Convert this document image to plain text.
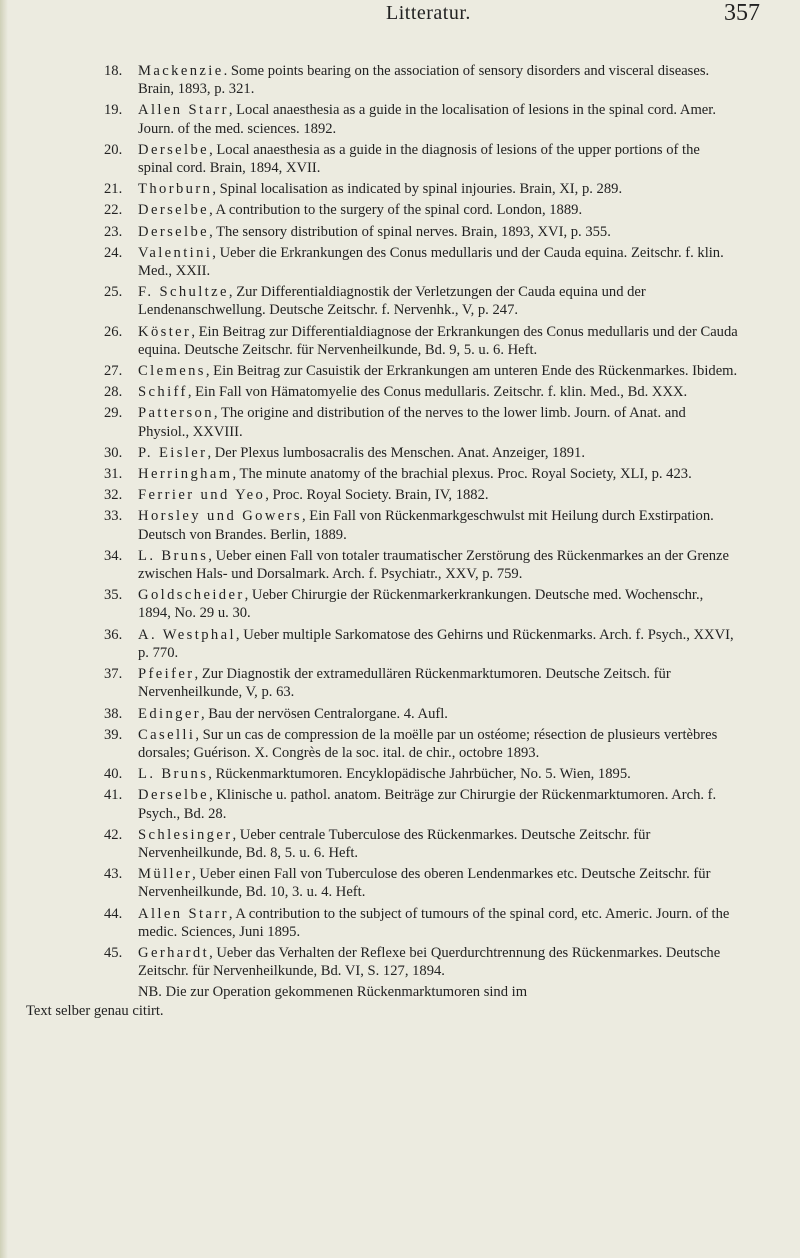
Litteratur.	357
18. Mackenzie. Some points bearing on the association of sensory disorders and visceral diseases. Brain, 1893, p. 321.
19. Allen Starr, Local anaesthesia as a guide in the localisation of lesions in the spinal cord. Amer. Journ. of the med. sciences. 1892.
20. Derselbe, Local anaesthesia as a guide in the diagnosis of lesions of the upper portions of the spinal cord. Brain, 1894, XVII.
21. Thorburn, Spinal localisation as indicated by spinal injouries. Brain, XI, p. 289.
22. Derselbe, A contribution to the surgery of the spinal cord. London, 1889.
23. Derselbe, The sensory distribution of spinal nerves. Brain, 1893, XVI, p. 355.
24. Valentini, Ueber die Erkrankungen des Conus medullaris und der Cauda equina. Zeitschr. f. klin. Med., XXII.
25. F. Schultze, Zur Differentialdiagnostik der Verletzungen der Cauda equina und der Lendenanschwellung. Deutsche Zeitschr. f. Nervenhk., V, p. 247.
26. Köster, Ein Beitrag zur Differentialdiagnose der Erkrankungen des Conus medullaris und der Cauda equina. Deutsche Zeitschr. für Nervenheilkunde, Bd. 9, 5. u. 6. Heft.
27. Clemens, Ein Beitrag zur Casuistik der Erkrankungen am unteren Ende des Rückenmarkes. Ibidem.
28. Schiff, Ein Fall von Hämatomyelie des Conus medullaris. Zeitschr. f. klin. Med., Bd. XXX.
29. Patterson, The origine and distribution of the nerves to the lower limb. Journ. of Anat. and Physiol., XXVIII.
30. P. Eisler, Der Plexus lumbosacralis des Menschen. Anat. Anzeiger, 1891.
31. Herringham, The minute anatomy of the brachial plexus. Proc. Royal Society, XLI, p. 423.
32. Ferrier und Yeo, Proc. Royal Society. Brain, IV, 1882.
33. Horsley und Gowers, Ein Fall von Rückenmarkgeschwulst mit Heilung durch Exstirpation. Deutsch von Brandes. Berlin, 1889.
34. L. Bruns, Ueber einen Fall von totaler traumatischer Zerstörung des Rückenmarkes an der Grenze zwischen Hals- und Dorsalmark. Arch. f. Psychiatr., XXV, p. 759.
35. Goldscheider, Ueber Chirurgie der Rückenmarkerkrankungen. Deutsche med. Wochenschr., 1894, No. 29 u. 30.
36. A. Westphal, Ueber multiple Sarkomatose des Gehirns und Rückenmarks. Arch. f. Psych., XXVI, p. 770.
37. Pfeifer, Zur Diagnostik der extramedullären Rückenmarktumoren. Deutsche Zeitsch. für Nervenheilkunde, V, p. 63.
38. Edinger, Bau der nervösen Centralorgane. 4. Aufl.
39. Caselli, Sur un cas de compression de la moëlle par un ostéome; résection de plusieurs vertèbres dorsales; Guérison. X. Congrès de la soc. ital. de chir., octobre 1893.
40. L. Bruns, Rückenmarktumoren. Encyklopädische Jahrbücher, No. 5. Wien, 1895.
41. Derselbe, Klinische u. pathol. anatom. Beiträge zur Chirurgie der Rückenmarktumoren. Arch. f. Psych., Bd. 28.
42. Schlesinger, Ueber centrale Tuberculose des Rückenmarkes. Deutsche Zeitschr. für Nervenheilkunde, Bd. 8, 5. u. 6. Heft.
43. Müller, Ueber einen Fall von Tuberculose des oberen Lendenmarkes etc. Deutsche Zeitschr. für Nervenheilkunde, Bd. 10, 3. u. 4. Heft.
44. Allen Starr, A contribution to the subject of tumours of the spinal cord, etc. Americ. Journ. of the medic. Sciences, Juni 1895.
45. Gerhardt, Ueber das Verhalten der Reflexe bei Querdurchtrennung des Rückenmarkes. Deutsche Zeitschr. für Nervenheilkunde, Bd. VI, S. 127, 1894.
NB. Die zur Operation gekommenen Rückenmarktumoren sind im
Text selber genau citirt.
